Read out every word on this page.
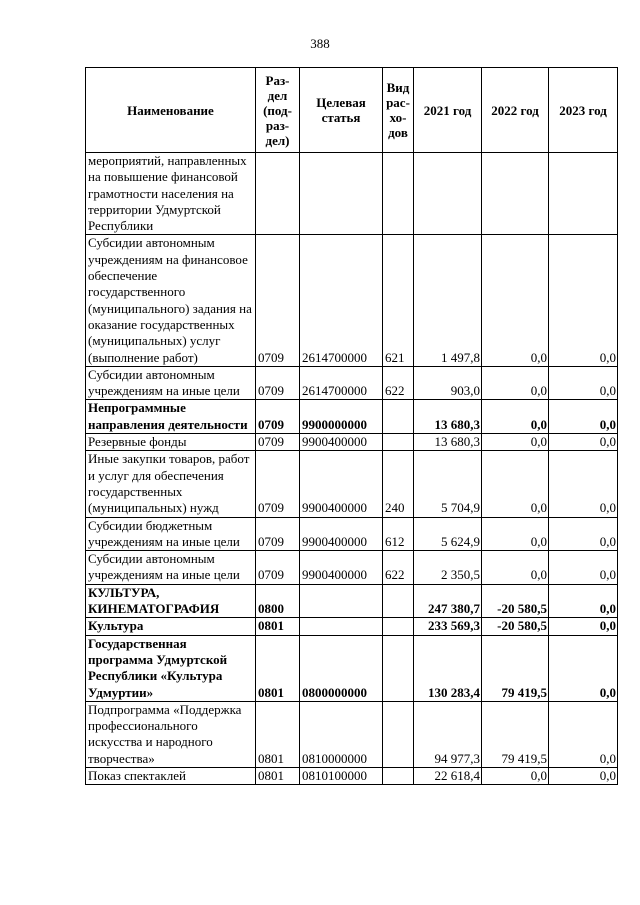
388
Наименование	Раз-дел (под-раз-дел)	Целевая статья	Вид рас-хо-дов	2021 год	2022 год	2023 год
мероприятий, направленных на повышение финансовой грамотности населения на территории Удмуртской Республики						
Субсидии автономным учреждениям на финансовое обеспечение государственного (муниципального) задания на оказание государственных (муниципальных) услуг (выполнение работ)	0709	2614700000	621	1 497,8	0,0	0,0
Субсидии автономным учреждениям на иные цели	0709	2614700000	622	903,0	0,0	0,0
Непрограммные направления деятельности	0709	9900000000		13 680,3	0,0	0,0
Резервные фонды	0709	9900400000		13 680,3	0,0	0,0
Иные закупки товаров, работ и услуг для обеспечения государственных (муниципальных) нужд	0709	9900400000	240	5 704,9	0,0	0,0
Субсидии бюджетным учреждениям на иные цели	0709	9900400000	612	5 624,9	0,0	0,0
Субсидии автономным учреждениям на иные цели	0709	9900400000	622	2 350,5	0,0	0,0
КУЛЬТУРА, КИНЕМАТОГРАФИЯ	0800			247 380,7	-20 580,5	0,0
Культура	0801			233 569,3	-20 580,5	0,0
Государственная программа Удмуртской Республики «Культура Удмуртии»	0801	0800000000		130 283,4	79 419,5	0,0
Подпрограмма «Поддержка профессионального искусства и народного творчества»	0801	0810000000		94 977,3	79 419,5	0,0
Показ спектаклей	0801	0810100000		22 618,4	0,0	0,0
